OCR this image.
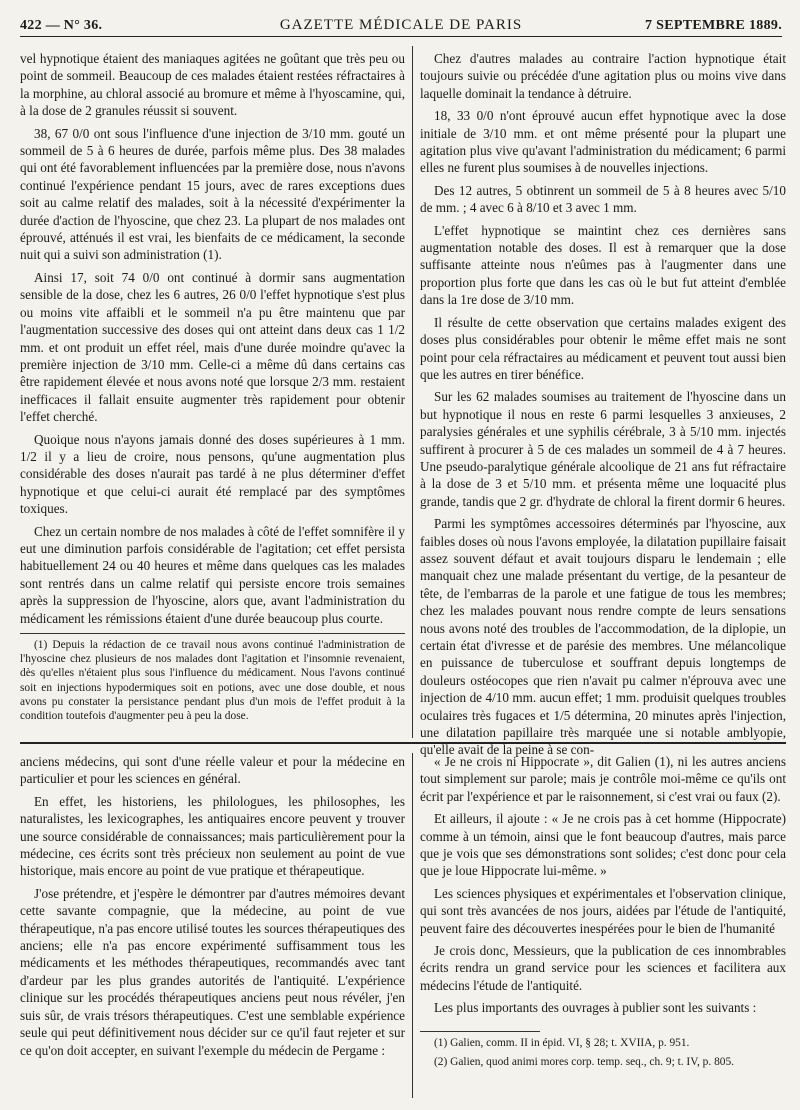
422 — N° 36.	GAZETTE MÉDICALE DE PARIS	7 SEPTEMBRE 1889.

vel hypnotique étaient des maniaques agitées ne goûtant que très peu ou point de sommeil. Beaucoup de ces malades étaient restées réfractaires à la morphine, au chloral associé au bromure et même à l'hyoscamine, qui, à la dose de 2 granules réussit si souvent.

38, 67 0/0 ont sous l'influence d'une injection de 3/10 mm. gouté un sommeil de 5 à 6 heures de durée, parfois même plus. Des 38 malades qui ont été favorablement influencées par la première dose, nous n'avons continué l'expérience pendant 15 jours, avec de rares exceptions dues soit au calme relatif des malades, soit à la nécessité d'expérimenter la durée d'action de l'hyoscine, que chez 23. La plupart de nos malades ont éprouvé, atténués il est vrai, les bienfaits de ce médicament, la seconde nuit qui a suivi son administration (1).

Ainsi 17, soit 74 0/0 ont continué à dormir sans augmentation sensible de la dose, chez les 6 autres, 26 0/0 l'effet hypnotique s'est plus ou moins vite affaibli et le sommeil n'a pu être maintenu que par l'augmentation successive des doses qui ont atteint dans deux cas 1 1/2 mm. et ont produit un effet réel, mais d'une durée moindre qu'avec la première injection de 3/10 mm. Celle-ci a même dû dans certains cas être rapidement élevée et nous avons noté que lorsque 2/3 mm. restaient inefficaces il fallait ensuite augmenter très rapidement pour obtenir l'effet cherché.

Quoique nous n'ayons jamais donné des doses supérieures à 1 mm. 1/2 il y a lieu de croire, nous pensons, qu'une augmentation plus considérable des doses n'aurait pas tardé à ne plus déterminer d'effet hypnotique et que celui-ci aurait été remplacé par des symptômes toxiques.

Chez un certain nombre de nos malades à côté de l'effet somnifère il y eut une diminution parfois considérable de l'agitation; cet effet persista habituellement 24 ou 40 heures et même dans quelques cas les malades sont rentrés dans un calme relatif qui persiste encore trois semaines après la suppression de l'hyoscine, alors que, avant l'administration du médicament les rémissions étaient d'une durée beaucoup plus courte.

(1) Depuis la rédaction de ce travail nous avons continué l'administration de l'hyoscine chez plusieurs de nos malades dont l'agitation et l'insomnie revenaient, dès qu'elles n'étaient plus sous l'influence du médicament. Nous l'avons continué soit en injections hypodermiques soit en potions, avec une dose double, et nous avons pu constater la persistance pendant plus d'un mois de l'effet produit à la condition toutefois d'augmenter peu à peu la dose.

Chez d'autres malades au contraire l'action hypnotique était toujours suivie ou précédée d'une agitation plus ou moins vive dans laquelle dominait la tendance à détruire.

18, 33 0/0 n'ont éprouvé aucun effet hypnotique avec la dose initiale de 3/10 mm. et ont même présenté pour la plupart une agitation plus vive qu'avant l'administration du médicament; 6 parmi elles ne furent plus soumises à de nouvelles injections.

Des 12 autres, 5 obtinrent un sommeil de 5 à 8 heures avec 5/10 de mm. ; 4 avec 6 à 8/10 et 3 avec 1 mm.

L'effet hypnotique se maintint chez ces dernières sans augmentation notable des doses. Il est à remarquer que la dose suffisante atteinte nous n'eûmes pas à l'augmenter dans une proportion plus forte que dans les cas où le but fut atteint d'emblée dans la 1re dose de 3/10 mm.

Il résulte de cette observation que certains malades exigent des doses plus considérables pour obtenir le même effet mais ne sont point pour cela réfractaires au médicament et peuvent tout aussi bien que les autres en tirer bénéfice.

Sur les 62 malades soumises au traitement de l'hyoscine dans un but hypnotique il nous en reste 6 parmi lesquelles 3 anxieuses, 2 paralysies générales et une syphilis cérébrale, 3 à 5/10 mm. injectés suffirent à procurer à 5 de ces malades un sommeil de 4 à 7 heures. Une pseudo-paralytique générale alcoolique de 21 ans fut réfractaire à la dose de 3 et 5/10 mm. et présenta même une loquacité plus grande, tandis que 2 gr. d'hydrate de chloral la firent dormir 6 heures.

Parmi les symptômes accessoires déterminés par l'hyoscine, aux faibles doses où nous l'avons employée, la dilatation pupillaire faisait assez souvent défaut et avait toujours disparu le lendemain ; elle manquait chez une malade présentant du vertige, de la pesanteur de tête, de l'embarras de la parole et une fatigue de tous les membres; chez les malades pouvant nous rendre compte de leurs sensations nous avons noté des troubles de l'accommodation, de la diplopie, un certain état d'ivresse et de parésie des membres. Une mélancolique en puissance de tuberculose et souffrant depuis longtemps de douleurs ostéocopes que rien n'avait pu calmer n'éprouva avec une injection de 4/10 mm. aucun effet; 1 mm. produisit quelques troubles oculaires très fugaces et 1/5 détermina, 20 minutes après l'injection, une dilatation papillaire très marquée une si notable amblyopie, qu'elle avait de la peine à se con-

anciens médecins, qui sont d'une réelle valeur et pour la médecine en particulier et pour les sciences en général.

En effet, les historiens, les philologues, les philosophes, les naturalistes, les lexicographes, les antiquaires encore peuvent y trouver une source considérable de connaissances; mais particulièrement pour la médecine, ces écrits sont très précieux non seulement au point de vue historique, mais encore au point de vue pratique et thérapeutique.

J'ose prétendre, et j'espère le démontrer par d'autres mémoires devant cette savante compagnie, que la médecine, au point de vue thérapeutique, n'a pas encore utilisé toutes les sources thérapeutiques des anciens; elle n'a pas encore expérimenté suffisamment tous les médicaments et les méthodes thérapeutiques, recommandés avec tant d'ardeur par les plus grandes autorités de l'antiquité. L'expérience clinique sur les procédés thérapeutiques anciens peut nous révéler, j'en suis sûr, de vrais trésors thérapeutiques. C'est une semblable expérience seule qui peut définitivement nous décider sur ce qu'il faut rejeter et sur ce qu'on doit accepter, en suivant l'exemple du médecin de Pergame :

« Je ne crois ni Hippocrate », dit Galien (1), ni les autres anciens tout simplement sur parole; mais je contrôle moi-même ce qu'ils ont écrit par l'expérience et par le raisonnement, si c'est vrai ou faux (2).

Et ailleurs, il ajoute : « Je ne crois pas à cet homme (Hippocrate) comme à un témoin, ainsi que le font beaucoup d'autres, mais parce que je vois que ses démonstrations sont solides; c'est donc pour cela que je loue Hippocrate lui-même. »

Les sciences physiques et expérimentales et l'observation clinique, qui sont très avancées de nos jours, aidées par l'étude de l'antiquité, peuvent faire des découvertes inespérées pour le bien de l'humanité

Je crois donc, Messieurs, que la publication de ces innombrables écrits rendra un grand service pour les sciences et facilitera aux médecins l'étude de l'antiquité.

Les plus importants des ouvrages à publier sont les suivants :

(1) Galien, comm. II in épid. VI, § 28; t. XVIIA, p. 951.

(2) Galien, quod animi mores corp. temp. seq., ch. 9; t. IV, p. 805.
